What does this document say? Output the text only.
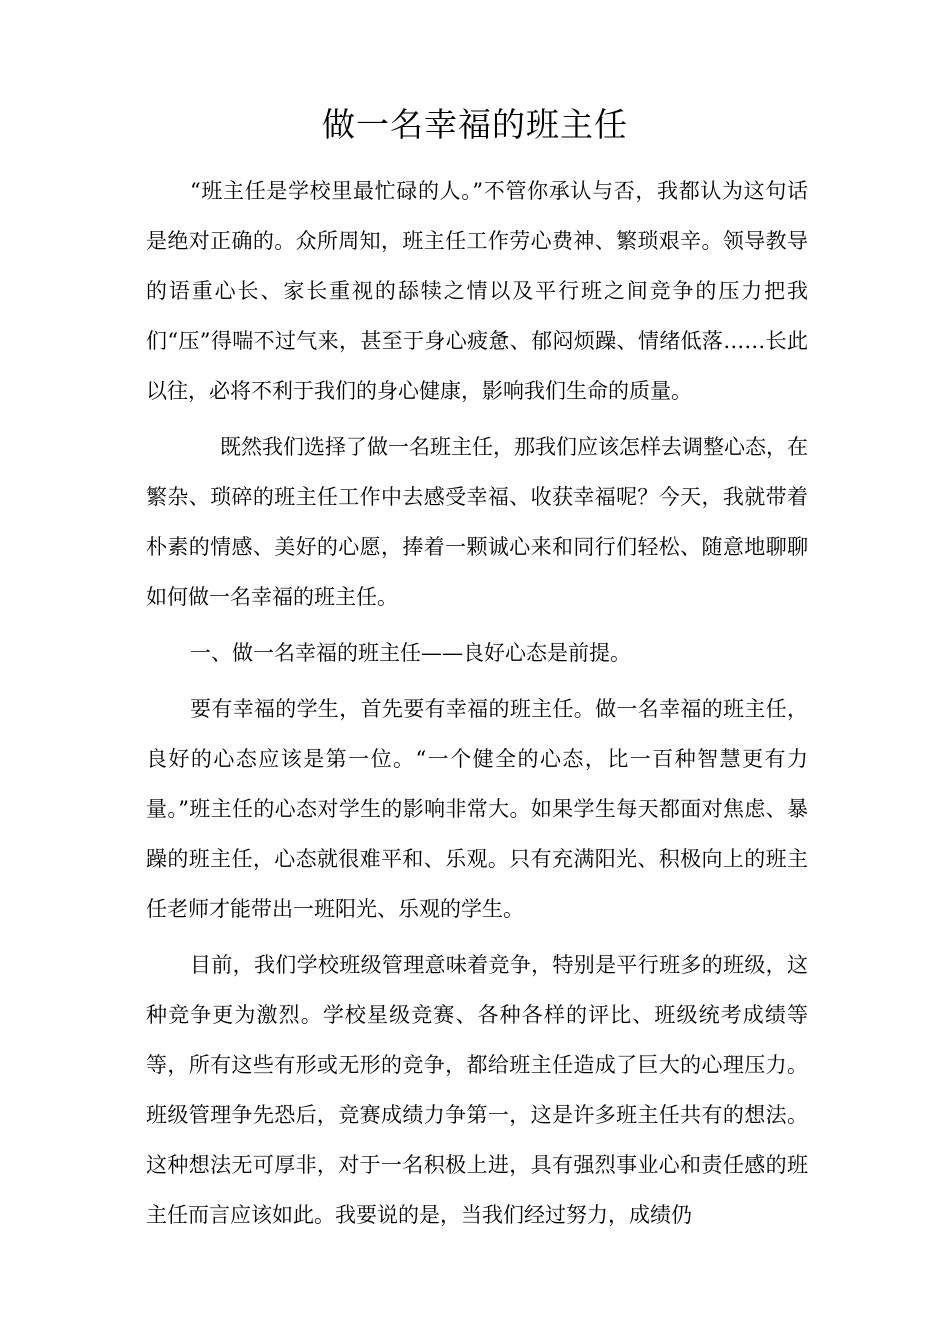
做一名幸福的班主任

“班主任是学校里最忙碌的人。”不管你承认与否，我都认为这句话是绝对正确的。众所周知，班主任工作劳心费神、繁琐艰辛。领导教导的语重心长、家长重视的舔犊之情以及平行班之间竞争的压力把我们“压”得喘不过气来，甚至于身心疲惫、郁闷烦躁、情绪低落……长此以往，必将不利于我们的身心健康，影响我们生命的质量。

既然我们选择了做一名班主任，那我们应该怎样去调整心态，在繁杂、琐碎的班主任工作中去感受幸福、收获幸福呢？今天，我就带着朴素的情感、美好的心愿，捧着一颗诚心来和同行们轻松、随意地聊聊如何做一名幸福的班主任。

一、做一名幸福的班主任——良好心态是前提。

要有幸福的学生，首先要有幸福的班主任。做一名幸福的班主任，良好的心态应该是第一位。“一个健全的心态，比一百种智慧更有力量。”班主任的心态对学生的影响非常大。如果学生每天都面对焦虑、暴躁的班主任，心态就很难平和、乐观。只有充满阳光、积极向上的班主任老师才能带出一班阳光、乐观的学生。

目前，我们学校班级管理意味着竞争，特别是平行班多的班级，这种竞争更为激烈。学校星级竞赛、各种各样的评比、班级统考成绩等等，所有这些有形或无形的竞争，都给班主任造成了巨大的心理压力。班级管理争先恐后，竞赛成绩力争第一，这是许多班主任共有的想法。这种想法无可厚非，对于一名积极上进，具有强烈事业心和责任感的班主任而言应该如此。我要说的是，当我们经过努力，成绩仍
